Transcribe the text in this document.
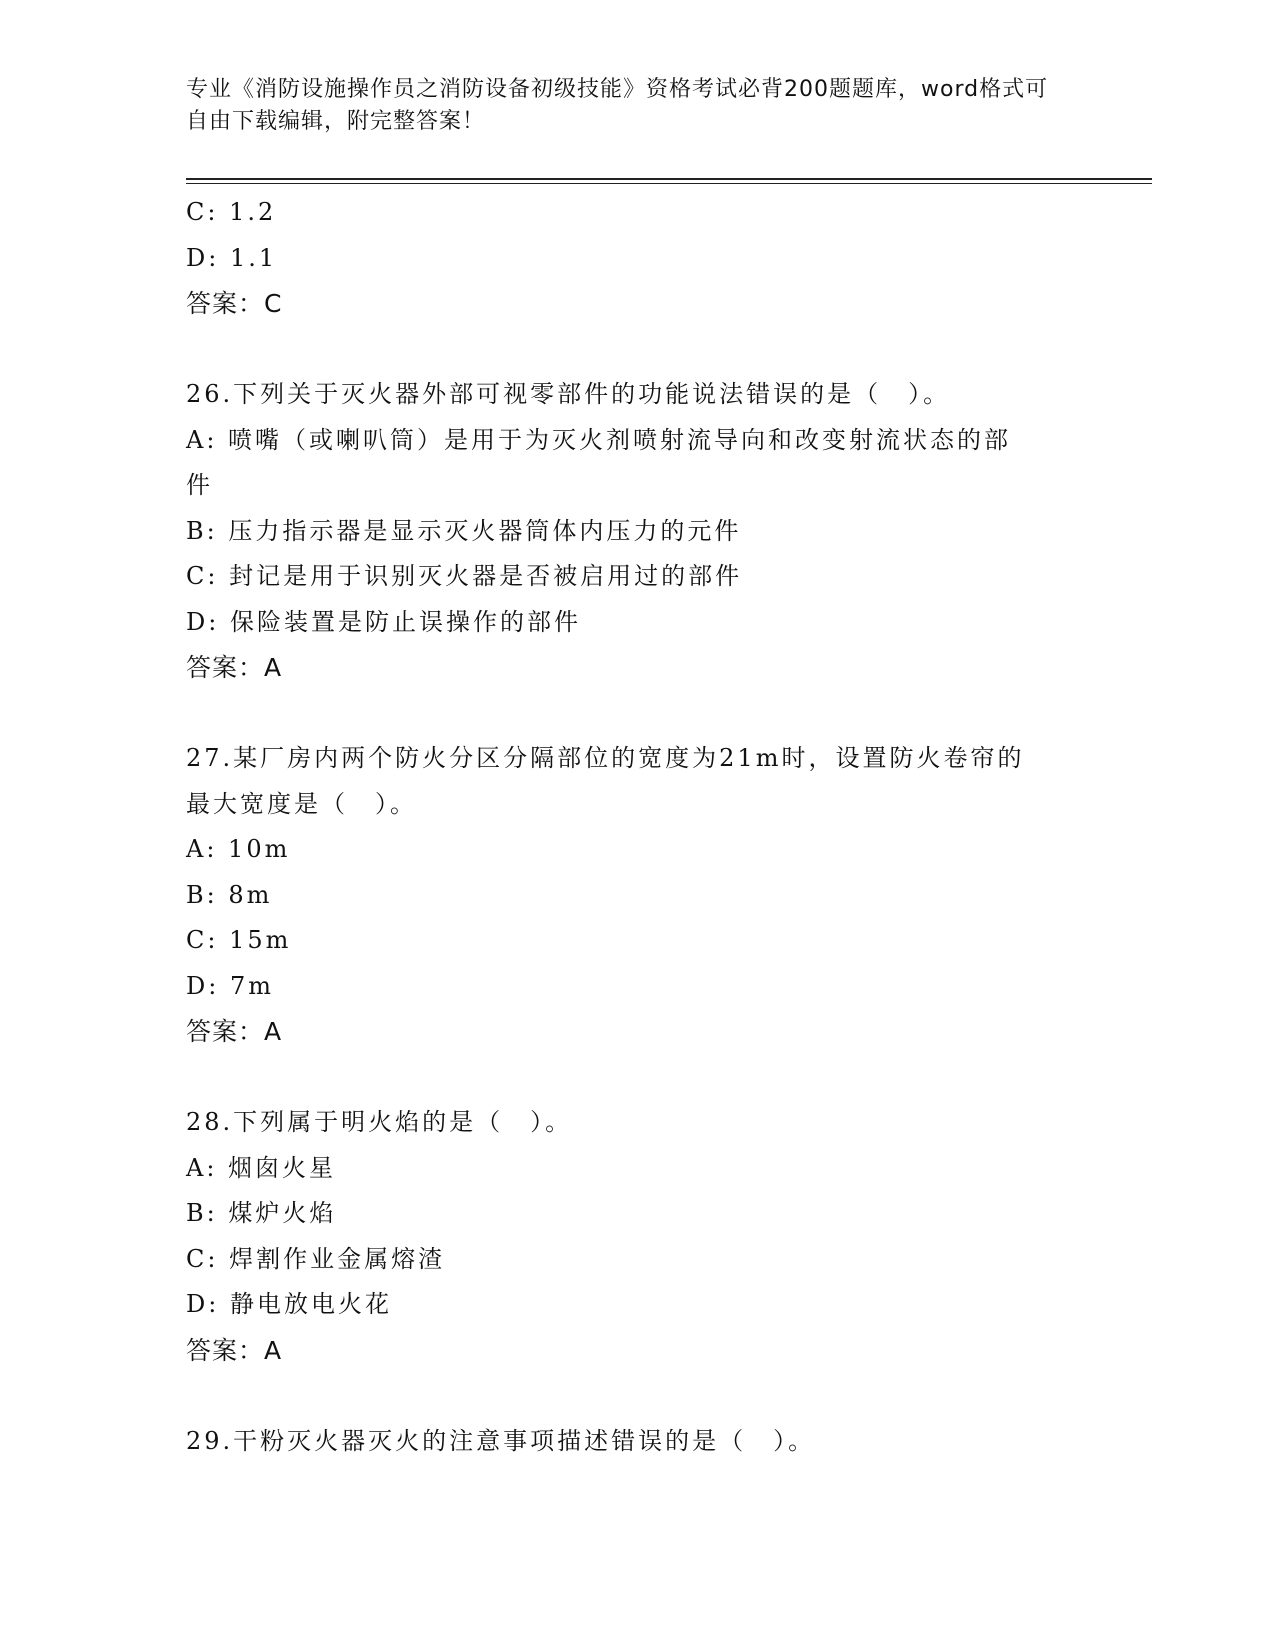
专业《消防设施操作员之消防设备初级技能》资格考试必背200题题库，word格式可自由下载编辑，附完整答案！
C: 1.2
D: 1.1
答案：C
26.下列关于灭火器外部可视零部件的功能说法错误的是（　）。
A: 喷嘴（或喇叭筒）是用于为灭火剂喷射流导向和改变射流状态的部件
B: 压力指示器是显示灭火器筒体内压力的元件
C: 封记是用于识别灭火器是否被启用过的部件
D: 保险装置是防止误操作的部件
答案：A
27.某厂房内两个防火分区分隔部位的宽度为21m时，设置防火卷帘的最大宽度是（　）。
A: 10m
B: 8m
C: 15m
D: 7m
答案：A
28.下列属于明火焰的是（　）。
A: 烟囱火星
B: 煤炉火焰
C: 焊割作业金属熔渣
D: 静电放电火花
答案：A
29.干粉灭火器灭火的注意事项描述错误的是（　）。
